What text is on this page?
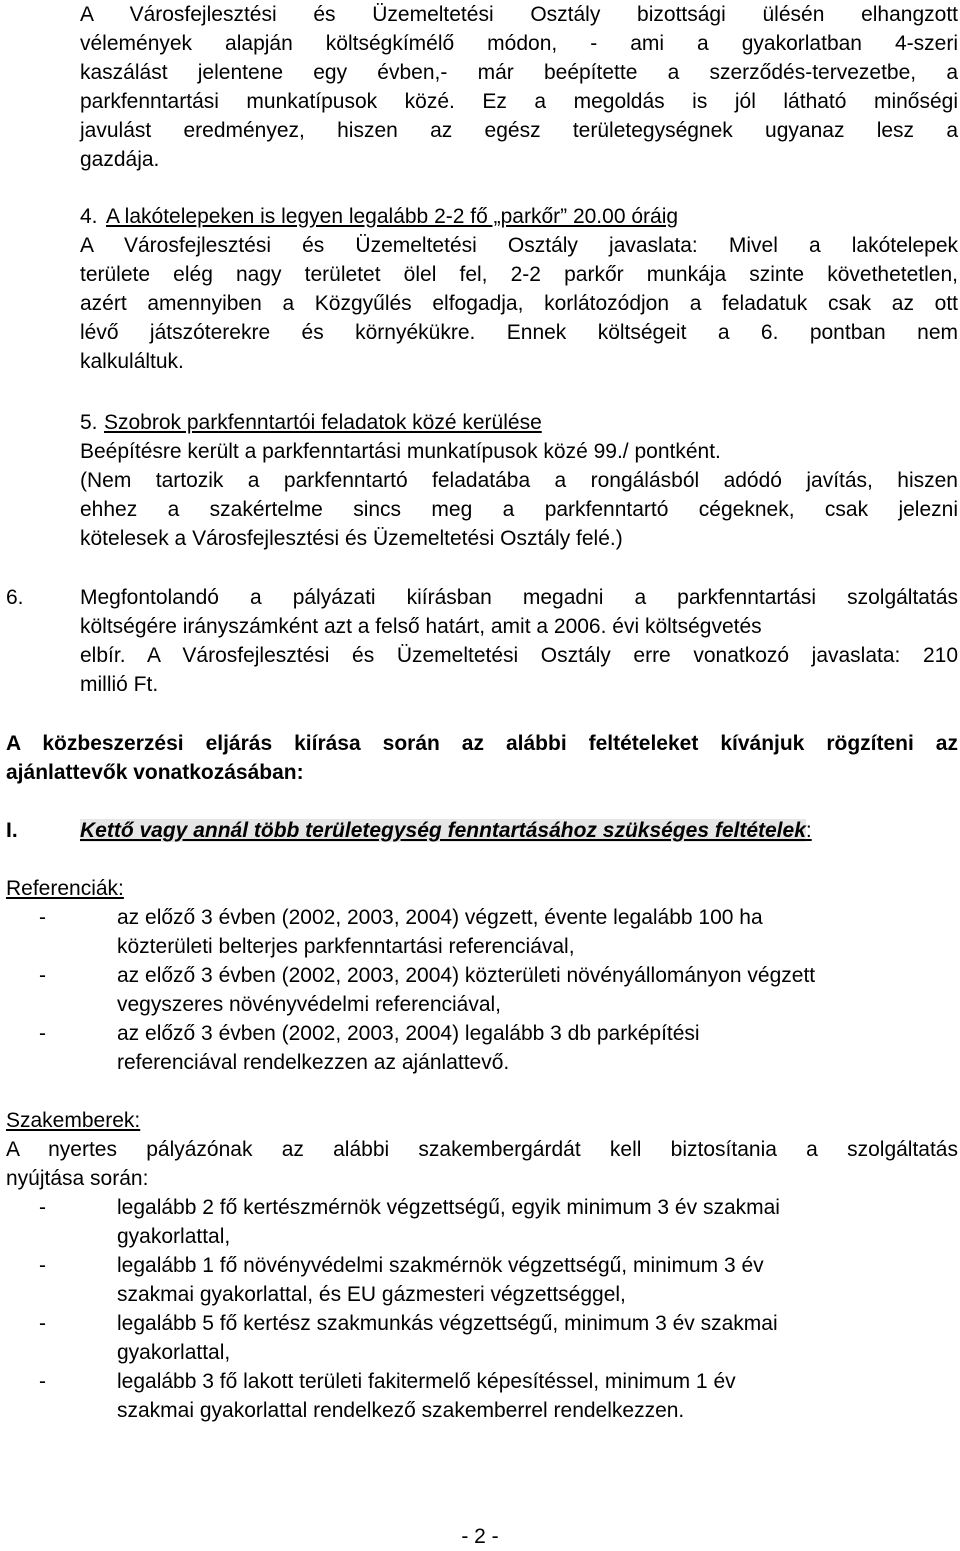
A Városfejlesztési és Üzemeltetési Osztály bizottsági ülésén elhangzott
vélemények alapján költségkímélő módon, - ami a gyakorlatban 4-szeri
kaszálást jelentene egy évben,- már beépítette a szerződés-tervezetbe, a
parkfenntartási munkatípusok közé. Ez a megoldás is jól látható minőségi
javulást eredményez, hiszen az egész területegységnek ugyanaz lesz a
gazdája.
4. A lakótelepeken is legyen legalább 2-2 fő „parkőr” 20.00 óráig
A Városfejlesztési és Üzemeltetési Osztály javaslata: Mivel a lakótelepek
területe elég nagy területet ölel fel, 2-2 parkőr munkája szinte követhetetlen,
azért amennyiben a Közgyűlés elfogadja, korlátozódjon a feladatuk csak az ott
lévő játszóterekre és környékükre. Ennek költségeit a 6. pontban nem
kalkuláltuk.
5. Szobrok parkfenntartói feladatok közé kerülése
Beépítésre került a parkfenntartási munkatípusok közé 99./ pontként.
(Nem tartozik a parkfenntartó feladatába a rongálásból adódó javítás, hiszen
ehhez a szakértelme sincs meg a parkfenntartó cégeknek, csak jelezni
kötelesek a Városfejlesztési és Üzemeltetési Osztály felé.)
6.	Megfontolandó a pályázati kiírásban megadni a parkfenntartási szolgáltatás
költségére irányszámként azt a felső határt, amit a 2006. évi költségvetés
elbír. A Városfejlesztési és Üzemeltetési Osztály erre vonatkozó javaslata: 210
millió Ft.
A közbeszerzési eljárás kiírása során az alábbi feltételeket kívánjuk rögzíteni az
ajánlattevők vonatkozásában:
I.	Kettő vagy annál több területegység fenntartásához szükséges feltételek:
Referenciák:
-	az előző 3 évben (2002, 2003, 2004) végzett, évente legalább 100 ha
közterületi belterjes parkfenntartási referenciával,
-	az előző 3 évben (2002, 2003, 2004) közterületi növényállományon végzett
vegyszeres növényvédelmi referenciával,
-	az előző 3 évben (2002, 2003, 2004) legalább 3 db parképítési
referenciával rendelkezzen az ajánlattevő.
Szakemberek:
A nyertes pályázónak az alábbi szakembergárdát kell biztosítania a szolgáltatás
nyújtása során:
-	legalább 2 fő kertészmérnök végzettségű, egyik minimum 3 év szakmai
gyakorlattal,
-	legalább 1 fő növényvédelmi szakmérnök végzettségű, minimum 3 év
szakmai gyakorlattal, és EU gázmesteri végzettséggel,
-	legalább 5 fő kertész szakmunkás végzettségű, minimum 3 év szakmai
gyakorlattal,
-	legalább 3 fő lakott területi fakitermelő képesítéssel, minimum 1 év
szakmai gyakorlattal rendelkező szakemberrel rendelkezzen.
- 2 -
